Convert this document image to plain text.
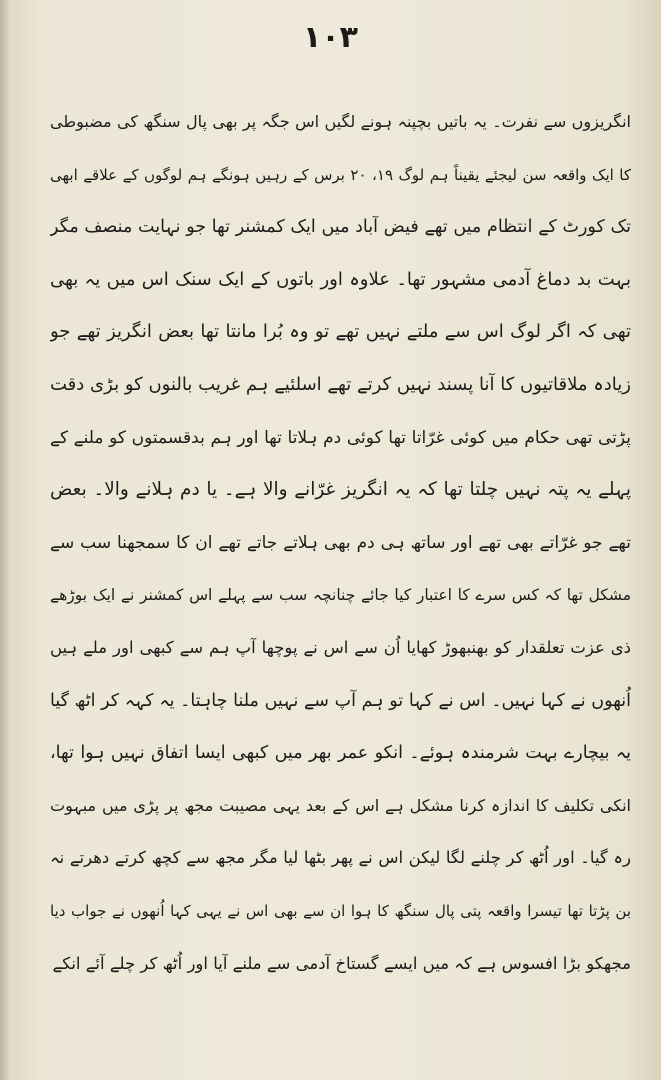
۱۰۳
انگریزوں سے نفرت۔ یہ باتیں بچپنہ ہونے لگیں اس جگہ پر بھی پال سنگھ کی مضبوطی
کا ایک واقعہ سن لیجئے یقیناً ہم لوگ ۱۹، ۲۰ برس کے رہیں ہونگے ہم لوگوں کے علاقے ابھی
تک کورٹ کے انتظام میں تھے فیض آباد میں ایک کمشنر تھا جو نہایت منصف مگر
بہت بد دماغ آدمی مشہور تھا۔ علاوہ اور باتوں کے ایک سنک اس میں یہ بھی
تھی کہ اگر لوگ اس سے ملتے نہیں تھے تو وہ بُرا مانتا تھا بعض انگریز تھے جو
زیادہ ملاقاتیوں کا آنا پسند نہیں کرتے تھے اسلئیے ہم غریب بالنوں کو بڑی دقت
پڑتی تھی حکام میں کوئی غرّاتا تھا کوئی دم ہلاتا تھا اور ہم بدقسمتوں کو ملنے کے
پہلے یہ پتہ نہیں چلتا تھا کہ یہ انگریز غرّانے والا ہے۔ یا دم ہلانے والا۔ بعض
تھے جو غرّاتے بھی تھے اور ساتھ ہی دم بھی ہلاتے جاتے تھے ان کا سمجھنا سب سے
مشکل تھا کہ کس سرے کا اعتبار کیا جائے چنانچہ سب سے پہلے اس کمشنر نے ایک بوڑھے
ذی عزت تعلقدار کو بھنبھوڑ کھایا اُن سے اس نے پوچھا آپ ہم سے کبھی اور ملے ہیں
اُنھوں نے کہا نہیں۔ اس نے کہا تو ہم آپ سے نہیں ملنا چاہتا۔ یہ کہہ کر اٹھ گیا
یہ بیچارے بہت شرمندہ ہوئے۔ انکو عمر بھر میں کبھی ایسا اتفاق نہیں ہوا تھا،
انکی تکلیف کا اندازہ کرنا مشکل ہے اس کے بعد یہی مصیبت مجھ پر پڑی میں مبہوت
رہ گیا۔ اور اُٹھ کر چلنے لگا لیکن اس نے پھر بٹھا لیا مگر مجھ سے کچھ کرتے دھرتے نہ
بن پڑتا تھا تیسرا واقعہ پتی پال سنگھ کا ہوا ان سے بھی اس نے یہی کہا اُنھوں نے جواب دیا
مجھکو بڑا افسوس ہے کہ میں ایسے گستاخ آدمی سے ملنے آیا اور اُٹھ کر چلے آئے انکے
